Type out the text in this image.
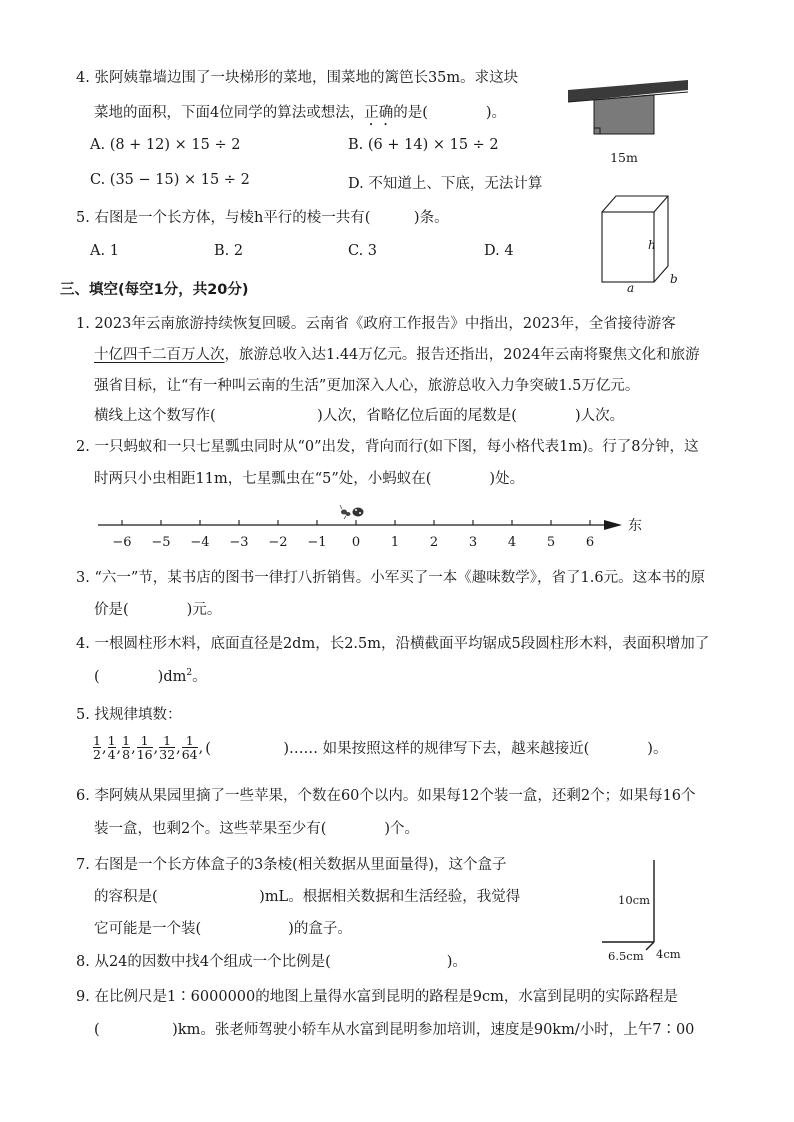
4. 张阿姨靠墙边围了一块梯形的菜地，围菜地的篱笆长35m。求这块
菜地的面积，下面4位同学的算法或想法，正确的是(　　　　)。
A. (8 + 12) × 15 ÷ 2	B. (6 + 14) × 15 ÷ 2
C. (35 − 15) × 15 ÷ 2	D. 不知道上、下底，无法计算
15m
5. 右图是一个长方体，与棱h平行的棱一共有(　　　)条。
A. 1	B. 2	C. 3	D. 4	h
a
b
三、填空(每空1分，共20分)
1. 2023年云南旅游持续恢复回暖。云南省《政府工作报告》中指出，2023年，全省接待游客
十亿四千二百万人次，旅游总收入达1.44万亿元。报告还指出，2024年云南将聚焦文化和旅游
强省目标，让“有一种叫云南的生活”更加深入人心，旅游总收入力争突破1.5万亿元。
横线上这个数写作(　　　　　　　)人次，省略亿位后面的尾数是(　　　　)人次。
2. 一只蚂蚁和一只七星瓢虫同时从“0”出发，背向而行(如下图，每小格代表1m)。行了8分钟，这
时两只小虫相距11m，七星瓢虫在“5”处，小蚂蚁在(　　　　)处。
−6 −5 −4 −3 −2 −1 0 1 2 3 4 5 6
东
3. “六一”节，某书店的图书一律打八折销售。小军买了一本《趣味数学》，省了1.6元。这本书的原
价是(　　　　)元。
4. 一根圆柱形木料，底面直径是2dm，长2.5m，沿横截面平均锯成5段圆柱形木料，表面积增加了
(　　　　)$dm^2$。
5. 找规律填数：
$\frac{1}{2}$ , $\frac{1}{4}$ , $\frac{1}{8}$ , $\frac{1}{16}$ , $\frac{1}{32}$ , $\frac{1}{64}$ , (　　　　　)…… 如果按照这样的规律写下去，越来越接近(　　　　)。
6. 李阿姨从果园里摘了一些苹果，个数在60个以内。如果每12个装一盒，还剩2个；如果每16个
装一盒，也剩2个。这些苹果至少有(　　　　)个。
7. 右图是一个长方体盒子的3条棱(相关数据从里面量得)，这个盒子
的容积是(　　　　　　　)mL。根据相关数据和生活经验，我觉得
它可能是一个装(　　　　　　)的盒子。
10cm
6.5cm 4cm
8. 从24的因数中找4个组成一个比例是(　　　　　　　　)。
9. 在比例尺是1∶6000000的地图上量得水富到昆明的路程是9cm，水富到昆明的实际路程是
(　　　　　)km。张老师驾驶小轿车从水富到昆明参加培训，速度是90km/小时，上午7∶00
